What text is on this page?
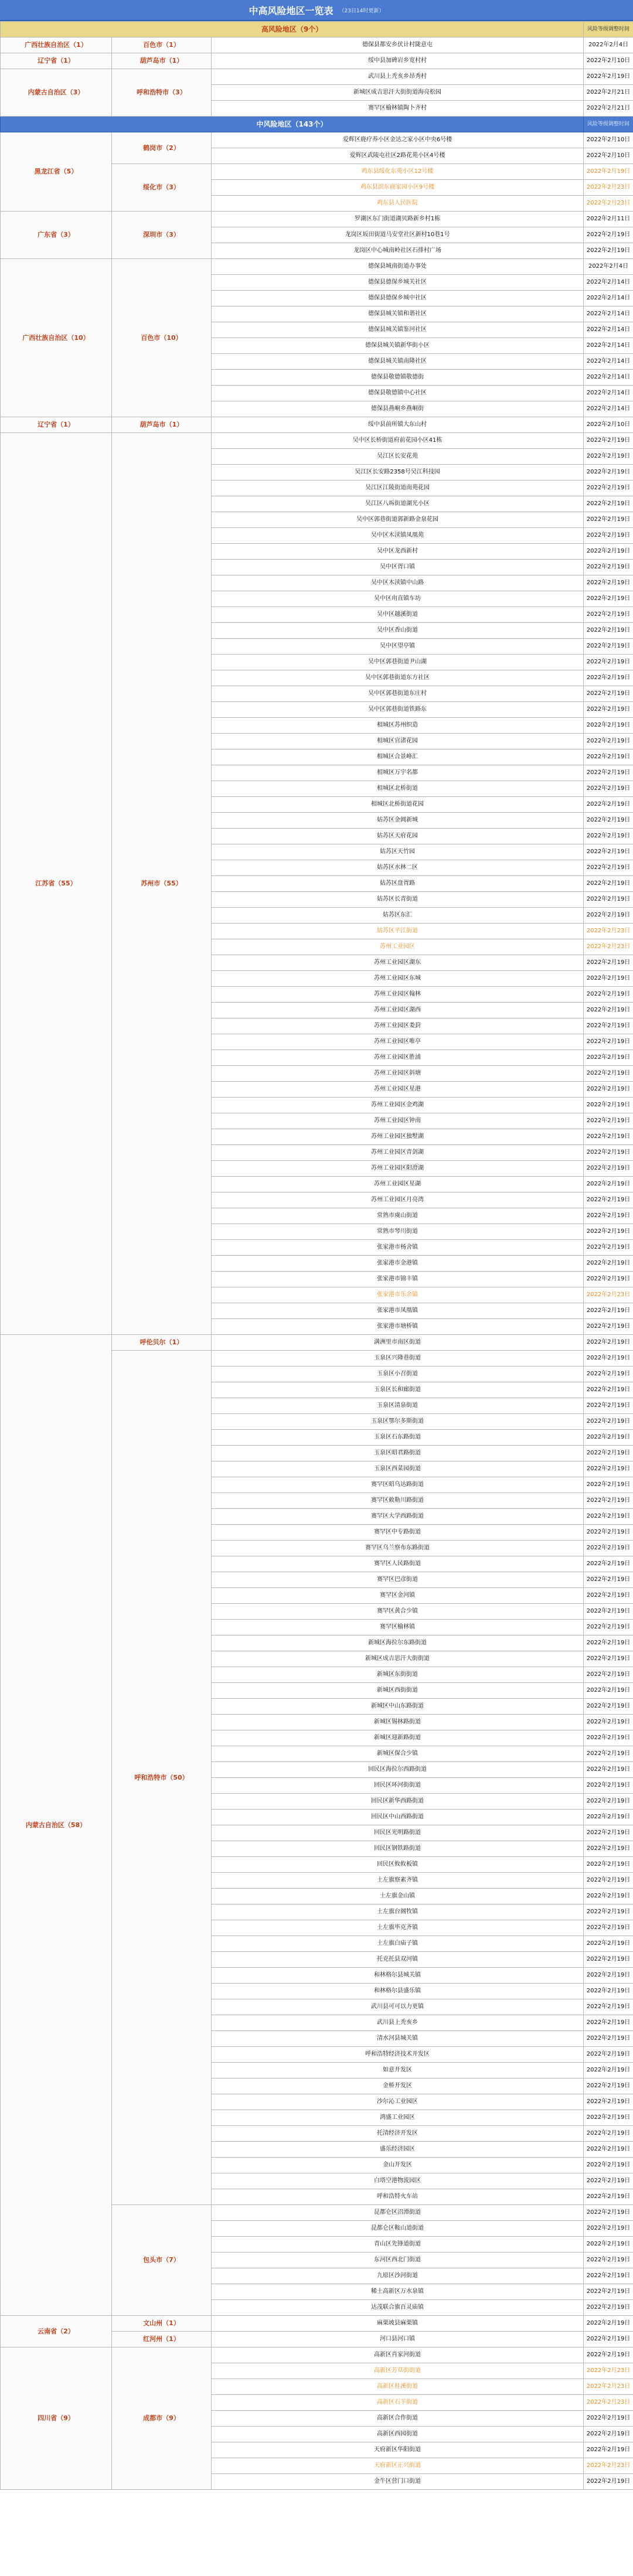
中高风险地区一览表 （23日14时更新）
高风险地区（9个）			风险等级调整时间
广西壮族自治区（1）	百色市（1）	德保县都安乡伏计村陇意屯	2022年2月4日
辽宁省（1）	葫芦岛市（1）	绥中县加碑岩乡宽村村	2022年2月10日
内蒙古自治区（3）	呼和浩特市（3）	武川县上秃亥乡昂秀村	2022年2月19日
		新城区成吉思汗大街街道海亮松园	2022年2月21日
		赛罕区榆林镇陶卜齐村	2022年2月21日
中风险地区（143个）			风险等级调整时间
黑龙江省（5）	鹤岗市（2）	爱辉区鹿疗养小区金达之家小区中央6号楼	2022年2月10日
		爱辉区武陵屯社区2路花苑小区4号楼	2022年2月10日
	绥化市（3）	鸡东县绥化东苑小区12号楼	2022年2月19日
		鸡东县滨东商家园小区9号楼	2022年2月23日
		鸡东县人民医院	2022年2月23日
广东省（3）	深圳市（3）	罗湖区东门街道湖贝路新乡村1栋	2022年2月11日
		龙岗区坂田街道马安堂社区新村10巷1号	2022年2月19日
		龙岗区中心城南岭社区石排村广场	2022年2月19日
广西壮族自治区（10）	百色市（10）	德保县城南街道办事处	2022年2月4日
		德保县德保乡城关社区	2022年2月14日
		德保县德保乡城中社区	2022年2月14日
		德保县城关镇和谐社区	2022年2月14日
		德保县城关镇鉴河社区	2022年2月14日
		德保县城关镇新华街小区	2022年2月14日
		德保县城关镇南隆社区	2022年2月14日
		德保县敬德镇敬德街	2022年2月14日
		德保县敬德镇中心社区	2022年2月14日
		德保县燕峒乡燕峒街	2022年2月14日
辽宁省（1）	葫芦岛市（1）	绥中县前所镇大东山村	2022年2月10日
江苏省（55）	苏州市（55）	吴中区长桥街道府前花园小区41栋	2022年2月19日
		吴江区长安花苑	2022年2月19日
		吴江区长安路2358号吴江科技园	2022年2月19日
		吴江区江陵街道南苑花园	2022年2月19日
		吴江区八坼街道湖光小区	2022年2月19日
		吴中区郭巷街道郭新路金泉花园	2022年2月19日
		吴中区木渎镇凤凰苑	2022年2月19日
		吴中区龙西新村	2022年2月19日
		吴中区胥口镇	2022年2月19日
		吴中区木渎镇中山路	2022年2月19日
		吴中区甪直镇车坊	2022年2月19日
		吴中区越溪街道	2022年2月19日
		吴中区香山街道	2022年2月19日
		吴中区望亭镇	2022年2月19日
		吴中区郭巷街道尹山湖	2022年2月19日
		吴中区郭巷街道东方社区	2022年2月19日
		吴中区郭巷街道东庄村	2022年2月19日
		吴中区郭巷街道铁路东	2022年2月19日
		相城区苏州织造	2022年2月19日
		相城区官渚花园	2022年2月19日
		相城区合景峰汇	2022年2月19日
		相城区万宇名都	2022年2月19日
		相城区北桥街道	2022年2月19日
		相城区北桥街道花园	2022年2月19日
		姑苏区金阊新城	2022年2月19日
		姑苏区天府花园	2022年2月19日
		姑苏区天竹园	2022年2月19日
		姑苏区水林二区	2022年2月19日
		姑苏区盘胥路	2022年2月19日
		姑苏区长青街道	2022年2月19日
		姑苏区东汇	2022年2月19日
		姑苏区平江街道	2022年2月23日
		苏州工业园区	2022年2月23日
		苏州工业园区湖东	2022年2月19日
		苏州工业园区东城	2022年2月19日
		苏州工业园区翰林	2022年2月19日
		苏州工业园区湖西	2022年2月19日
		苏州工业园区娄葑	2022年2月19日
		苏州工业园区唯亭	2022年2月19日
		苏州工业园区胜浦	2022年2月19日
		苏州工业园区斜塘	2022年2月19日
		苏州工业园区星港	2022年2月19日
		苏州工业园区金鸡湖	2022年2月19日
		苏州工业园区钟南	2022年2月19日
		苏州工业园区独墅湖	2022年2月19日
		苏州工业园区青剑湖	2022年2月19日
		苏州工业园区阳澄湖	2022年2月19日
		苏州工业园区星湖	2022年2月19日
		苏州工业园区月亮湾	2022年2月19日
		常熟市虞山街道	2022年2月19日
		常熟市琴川街道	2022年2月19日
		张家港市杨舍镇	2022年2月19日
		张家港市金港镇	2022年2月19日
		张家港市锦丰镇	2022年2月19日
		张家港市乐余镇	2022年2月23日
		张家港市凤凰镇	2022年2月19日
		张家港市塘桥镇	2022年2月19日
内蒙古自治区（58）	呼伦贝尔（1）	满洲里市南区街道	2022年2月19日
	呼和浩特市（50）	玉泉区兴隆巷街道	2022年2月19日
		玉泉区小召街道	2022年2月19日
		玉泉区长和廊街道	2022年2月19日
		玉泉区清泉街道	2022年2月19日
		玉泉区鄂尔多斯街道	2022年2月19日
		玉泉区石东路街道	2022年2月19日
		玉泉区昭君路街道	2022年2月19日
		玉泉区西菜园街道	2022年2月19日
		赛罕区昭乌达路街道	2022年2月19日
		赛罕区敕勒川路街道	2022年2月19日
		赛罕区大学西路街道	2022年2月19日
		赛罕区中专路街道	2022年2月19日
		赛罕区乌兰察布东路街道	2022年2月19日
		赛罕区人民路街道	2022年2月19日
		赛罕区巴彦街道	2022年2月19日
		赛罕区金河镇	2022年2月19日
		赛罕区黄合少镇	2022年2月19日
		赛罕区榆林镇	2022年2月19日
		新城区海拉尔东路街道	2022年2月19日
		新城区成吉思汗大街街道	2022年2月19日
		新城区东街街道	2022年2月19日
		新城区西街街道	2022年2月19日
		新城区中山东路街道	2022年2月19日
		新城区锡林路街道	2022年2月19日
		新城区迎新路街道	2022年2月19日
		新城区保合少镇	2022年2月19日
		回民区海拉尔西路街道	2022年2月19日
		回民区环河街街道	2022年2月19日
		回民区新华西路街道	2022年2月19日
		回民区中山西路街道	2022年2月19日
		回民区光明路街道	2022年2月19日
		回民区钢铁路街道	2022年2月19日
		回民区攸攸板镇	2022年2月19日
		土左旗察素齐镇	2022年2月19日
		土左旗金山镇	2022年2月19日
		土左旗台阁牧镇	2022年2月19日
		土左旗毕克齐镇	2022年2月19日
		土左旗白庙子镇	2022年2月19日
		托克托县双河镇	2022年2月19日
		和林格尔县城关镇	2022年2月19日
		和林格尔县盛乐镇	2022年2月19日
		武川县可可以力更镇	2022年2月19日
		武川县上秃亥乡	2022年2月19日
		清水河县城关镇	2022年2月19日
		呼和浩特经济技术开发区	2022年2月19日
		如意开发区	2022年2月19日
		金桥开发区	2022年2月19日
		沙尔沁工业园区	2022年2月19日
		鸿盛工业园区	2022年2月19日
		托清经济开发区	2022年2月19日
		盛乐经济园区	2022年2月19日
		金山开发区	2022年2月19日
		白塔空港物流园区	2022年2月19日
		呼和浩特火车站	2022年2月19日
	包头市（7）	昆都仑区沼潭街道	2022年2月19日
		昆都仑区鞍山道街道	2022年2月19日
		青山区先锋道街道	2022年2月19日
		东河区西北门街道	2022年2月19日
		九原区沙河街道	2022年2月19日
		稀土高新区万水泉镇	2022年2月19日
		达茂联合旗百灵庙镇	2022年2月19日
云南省（2）	文山州（1）	麻栗坡县麻栗镇	2022年2月19日
	红河州（1）	河口县河口镇	2022年2月19日
四川省（9）	成都市（9）	高新区肖家河街道	2022年2月19日
		高新区芳草街街道	2022年2月23日
		高新区桂溪街道	2022年2月23日
		高新区石羊街道	2022年2月23日
		高新区合作街道	2022年2月19日
		高新区西园街道	2022年2月19日
		天府新区华阳街道	2022年2月19日
		天府新区正兴街道	2022年2月23日
		金牛区营门口街道	2022年2月19日
